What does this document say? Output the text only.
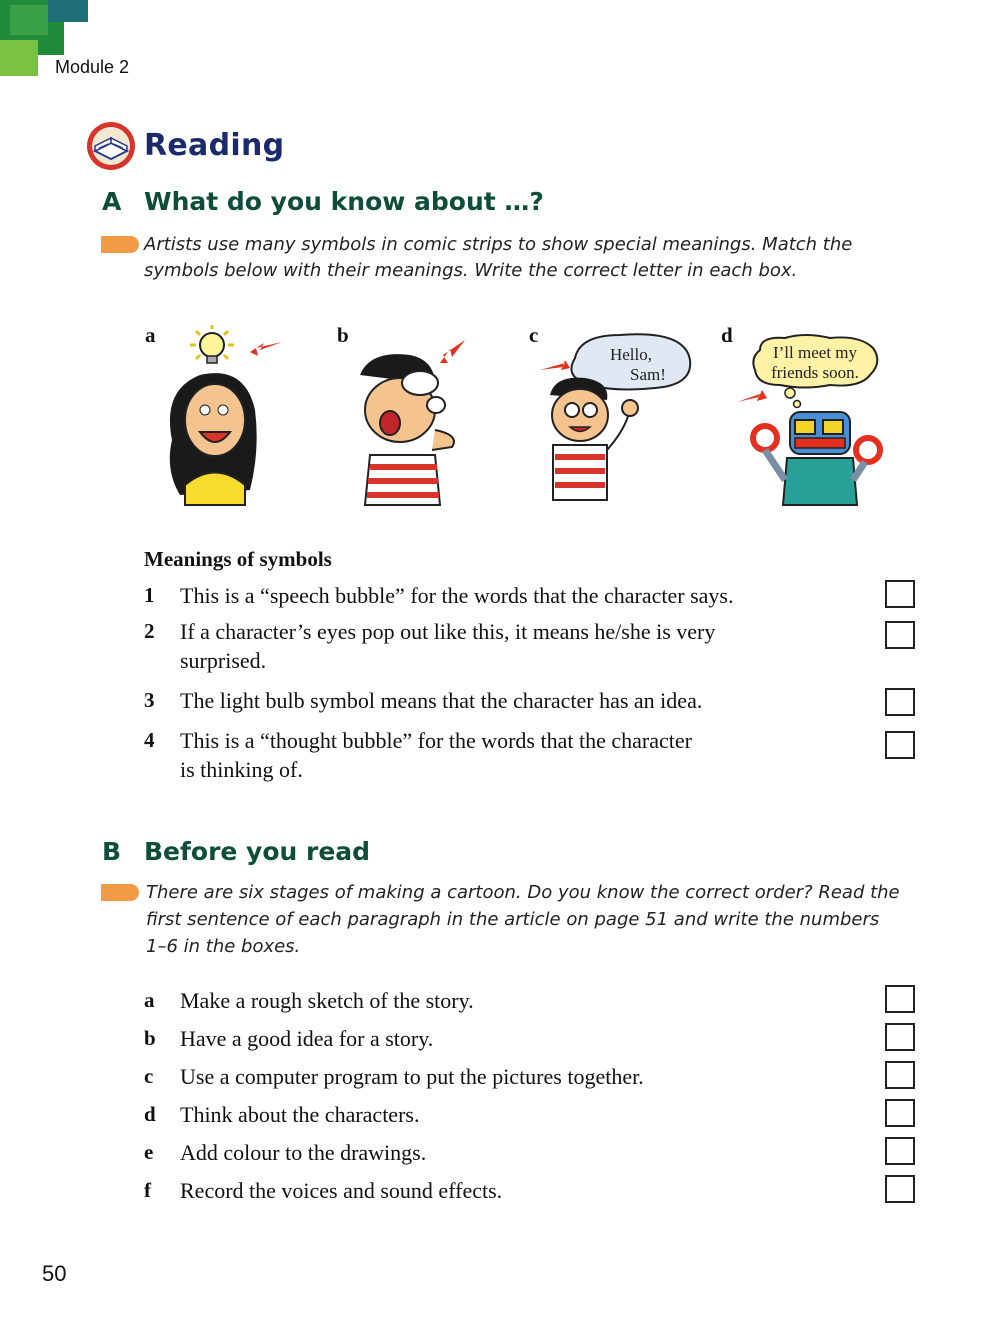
Module 2
Reading
A What do you know about …?
Artists use many symbols in comic strips to show special meanings. Match the
symbols below with their meanings. Write the correct letter in each box.
a	b	c	d
Hello,
Sam!
I’ll meet my
friends soon.
Meanings of symbols
1 This is a “speech bubble” for the words that the character says.
2 If a character’s eyes pop out like this, it means he/she is very
surprised.
3 The light bulb symbol means that the character has an idea.
4 This is a “thought bubble” for the words that the character
is thinking of.
B Before you read
There are six stages of making a cartoon. Do you know the correct order? Read the
first sentence of each paragraph in the article on page 51 and write the numbers
1–6 in the boxes.
a Make a rough sketch of the story.
b Have a good idea for a story.
c Use a computer program to put the pictures together.
d Think about the characters.
e Add colour to the drawings.
f Record the voices and sound effects.
50
